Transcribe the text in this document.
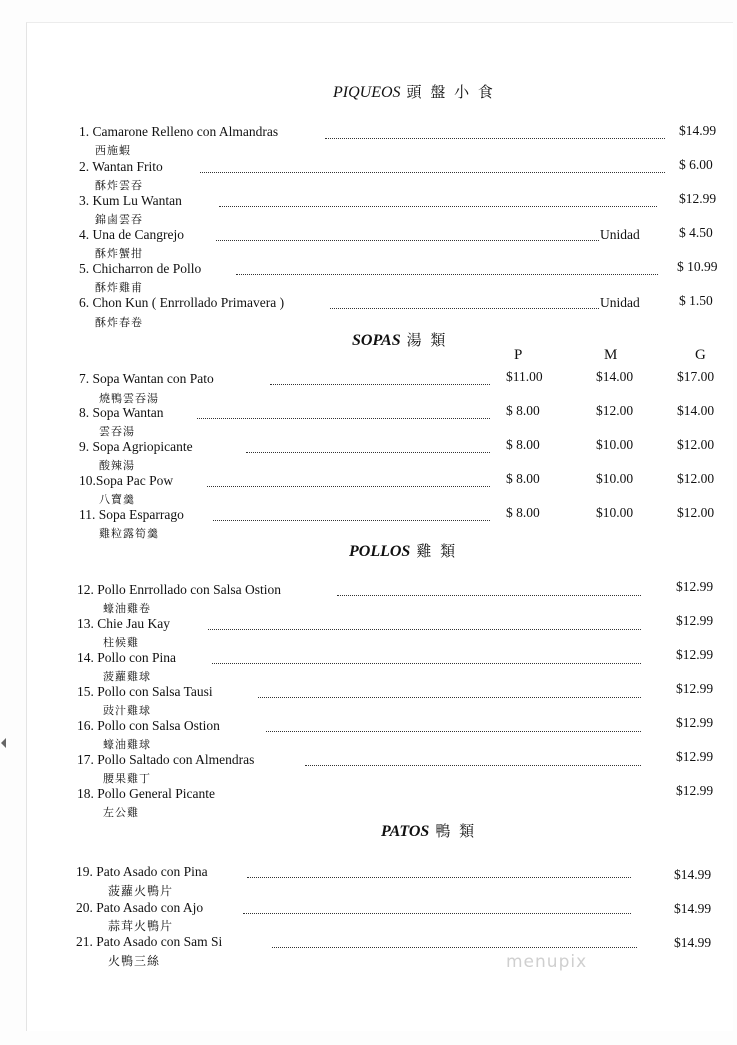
PIQUEOS 頭 盤 小 食
1. Camarone Relleno con Almandras	$14.99
西施蝦
2. Wantan Frito	$ 6.00
酥炸雲吞
3. Kum Lu Wantan	$12.99
錦鹵雲吞
4. Una de Cangrejo	Unidad	$ 4.50
酥炸蟹拑
5. Chicharron de Pollo	$ 10.99
酥炸雞甫
6. Chon Kun ( Enrrollado Primavera )	Unidad	$ 1.50
酥炸春卷
SOPAS 湯 類
P	M	G
7. Sopa Wantan con Pato	$11.00	$14.00	$17.00
燒鴨雲吞湯
8. Sopa Wantan	$ 8.00	$12.00	$14.00
雲吞湯
9. Sopa Agriopicante	$ 8.00	$10.00	$12.00
酸辣湯
10.Sopa Pac Pow	$ 8.00	$10.00	$12.00
八寶羹
11. Sopa Esparrago	$ 8.00	$10.00	$12.00
雞粒露筍羹
POLLOS 雞 類
12. Pollo Enrrollado con Salsa Ostion	$12.99
蠔油雞卷
13. Chie Jau Kay	$12.99
柱候雞
14. Pollo con Pina	$12.99
菠蘿雞球
15. Pollo con Salsa Tausi	$12.99
豉汁雞球
16. Pollo con Salsa Ostion	$12.99
蠔油雞球
17. Pollo Saltado con Almendras	$12.99
腰果雞丁
18. Pollo General Picante	$12.99
左公雞
PATOS 鴨 類
19. Pato Asado con Pina	$14.99
菠蘿火鴨片
20. Pato Asado con Ajo	$14.99
蒜茸火鴨片
21. Pato Asado con Sam Si	$14.99
火鴨三絲	menupix
